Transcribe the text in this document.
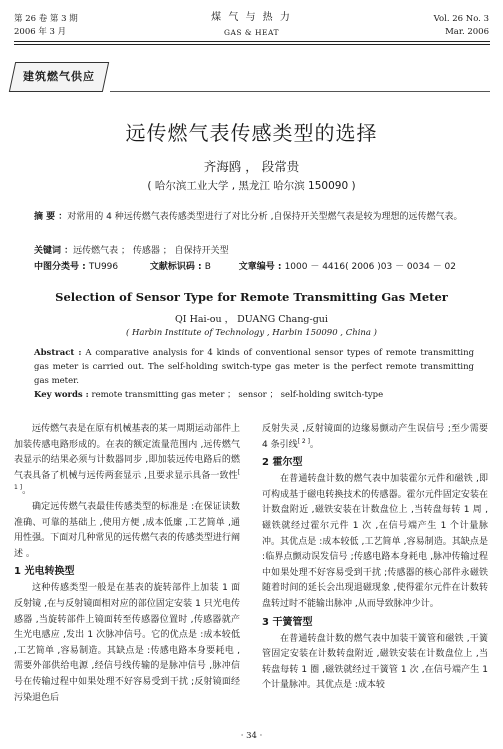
第 26 卷 第 3 期
2006 年 3 月
煤 气 与 热 力
GAS & HEAT
Vol. 26 No. 3
Mar. 2006
建筑燃气供应
远传燃气表传感类型的选择
齐海鸥 ， 段常贵
( 哈尔滨工业大学 , 黑龙江 哈尔滨 150090 )
摘 要 ：对常用的 4 种远传燃气表传感类型进行了对比分析 ,自保持开关型燃气表是较为理想的远传燃气表。
关键词 ：远传燃气表 ； 传感器 ； 自保持开关型
中图分类号 : TU996	文献标识码 : B	文章编号 : 1000 － 4416( 2006 )03 － 0034 － 02
Selection of Sensor Type for Remote Transmitting Gas Meter
QI Hai-ou ， DUANG Chang-gui
( Harbin Institute of Technology , Harbin 150090 , China )
Abstract : A comparative analysis for 4 kinds of conventional sensor types of remote transmitting gas meter is carried out. The self-holding switch-type gas meter is the perfect remote transmitting gas meter.
Key words : remote transmitting gas meter ； sensor ； self-holding switch-type

远传燃气表是在原有机械基表的某一周期运动部件上加装传感电路形成的。在表的额定流量范围内 ,远传燃气表显示的结果必须与计数器同步 ,即加装远传电路后的燃气表具备了机械与远传两套显示 ,且要求显示具备一致性[ 1 ]。

确定远传燃气表最佳传感类型的标准是 :在保证读数准确、可靠的基础上 ,使用方便 ,成本低廉 ,工艺简单 ,通用性强。下面对几种常见的远传燃气表的传感类型进行阐述 。

1 光电转换型

这种传感类型一般是在基表的旋转部件上加装 1 面反射镜 ,在与反射镜面相对应的部位固定安装 1 只光电传感器 ,当旋转部件上镜面转至传感器位置时 ,传感器就产生光电感应 ,发出 1 次脉冲信号。它的优点是 :成本较低 ,工艺简单 ,容易制造。其缺点是 :传感电路本身要耗电 ,需要外部供给电源 ,经信号线传输的是脉冲信号 ,脉冲信号在传输过程中如果处理不好容易受到干扰 ;反射镜面经污染退色后

反射失灵 ,反射镜面的边缘易颤动产生误信号 ;至少需要 4 条引线[ 2 ]。

2 霍尔型

在普通转盘计数的燃气表中加装霍尔元件和磁铁 ,即可构成基于磁电转换技术的传感器。霍尔元件固定安装在计数盘附近 ,磁铁安装在计数盘位上 ,当转盘每转 1 周 ,磁铁就经过霍尔元件 1 次 ,在信号端产生 1 个计量脉冲。其优点是 :成本较低 ,工艺简单 ,容易制造。其缺点是 :临界点颤动误发信号 ;传感电路本身耗电 ,脉冲传输过程中如果处理不好容易受到干扰 ;传感器的核心部件永磁铁随着时间的延长会出现退磁现象 ,使得霍尔元件在计数转盘转过时不能输出脉冲 ,从而导致脉冲少计。

3 干簧管型

在普通转盘计数的燃气表中加装干簧管和磁铁 ,干簧管固定安装在计数转盘附近 ,磁铁安装在计数盘位上 ,当转盘每转 1 圈 ,磁铁就经过干簧管 1 次 ,在信号端产生 1 个计量脉冲。其优点是 :成本较

· 34 ·
